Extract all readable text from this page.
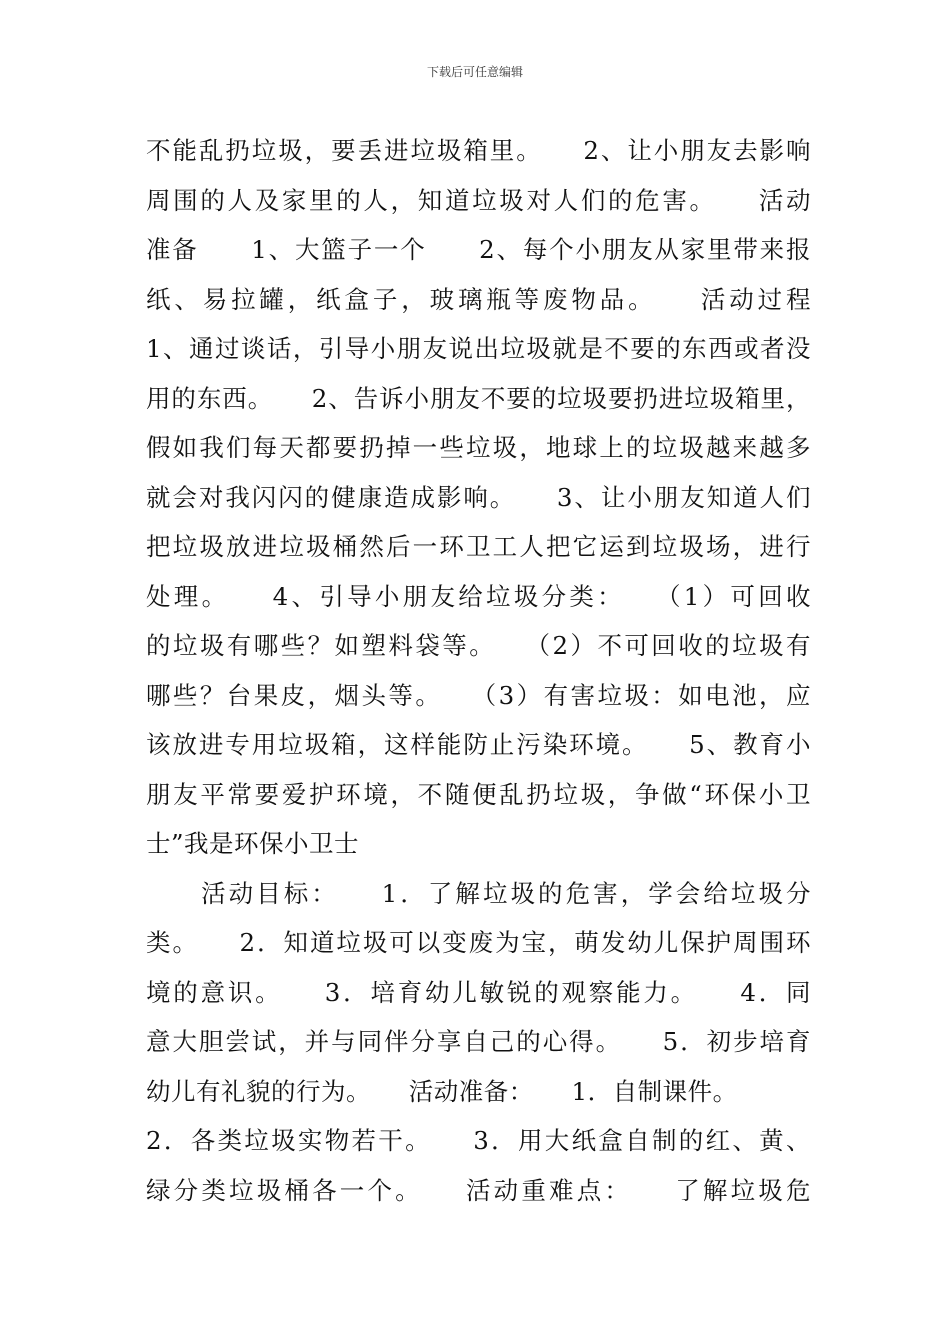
下载后可任意编辑
不能乱扔垃圾，要丢进垃圾箱里。　　2、让小朋友去影响
周围的人及家里的人，知道垃圾对人们的危害。　　活动
准备　　1、大篮子一个　　2、每个小朋友从家里带来报
纸、易拉罐，纸盒子，玻璃瓶等废物品。　　活动过程
1、通过谈话，引导小朋友说出垃圾就是不要的东西或者没
用的东西。　　2、告诉小朋友不要的垃圾要扔进垃圾箱里，
假如我们每天都要扔掉一些垃圾，地球上的垃圾越来越多
就会对我闪闪的健康造成影响。　　3、让小朋友知道人们
把垃圾放进垃圾桶然后一环卫工人把它运到垃圾场，进行
处理。　　4、引导小朋友给垃圾分类：　　（1）可回收
的垃圾有哪些？如塑料袋等。　　（2）不可回收的垃圾有
哪些？台果皮，烟头等。　　（3）有害垃圾：如电池，应
该放进专用垃圾箱，这样能防止污染环境。　　5、教育小
朋友平常要爱护环境，不随便乱扔垃圾，争做“环保小卫
士”我是环保小卫士
　　活动目标：　　1．了解垃圾的危害，学会给垃圾分
类。　　2．知道垃圾可以变废为宝，萌发幼儿保护周围环
境的意识。　　3．培育幼儿敏锐的观察能力。　　4．同
意大胆尝试，并与同伴分享自己的心得。　　5．初步培育
幼儿有礼貌的行为。　　活动准备：　　1．自制课件。
2．各类垃圾实物若干。　　3．用大纸盒自制的红、黄、
绿分类垃圾桶各一个。　　活动重难点：　　了解垃圾危
